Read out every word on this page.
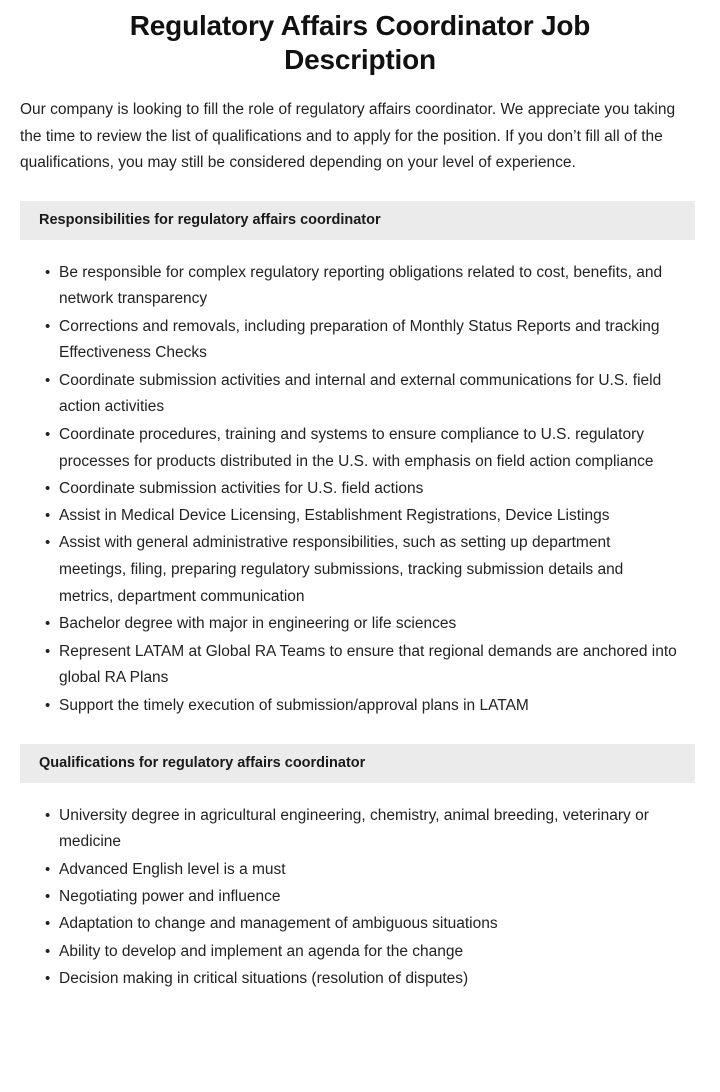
Regulatory Affairs Coordinator Job Description

Our company is looking to fill the role of regulatory affairs coordinator. We appreciate you taking the time to review the list of qualifications and to apply for the position. If you don’t fill all of the qualifications, you may still be considered depending on your level of experience.

Responsibilities for regulatory affairs coordinator
• Be responsible for complex regulatory reporting obligations related to cost, benefits, and network transparency
• Corrections and removals, including preparation of Monthly Status Reports and tracking Effectiveness Checks
• Coordinate submission activities and internal and external communications for U.S. field action activities
• Coordinate procedures, training and systems to ensure compliance to U.S. regulatory processes for products distributed in the U.S. with emphasis on field action compliance
• Coordinate submission activities for U.S. field actions
• Assist in Medical Device Licensing, Establishment Registrations, Device Listings
• Assist with general administrative responsibilities, such as setting up department meetings, filing, preparing regulatory submissions, tracking submission details and metrics, department communication
• Bachelor degree with major in engineering or life sciences
• Represent LATAM at Global RA Teams to ensure that regional demands are anchored into global RA Plans
• Support the timely execution of submission/approval plans in LATAM
Qualifications for regulatory affairs coordinator
• University degree in agricultural engineering, chemistry, animal breeding, veterinary or medicine
• Advanced English level is a must
• Negotiating power and influence
• Adaptation to change and management of ambiguous situations
• Ability to develop and implement an agenda for the change
• Decision making in critical situations (resolution of disputes)
